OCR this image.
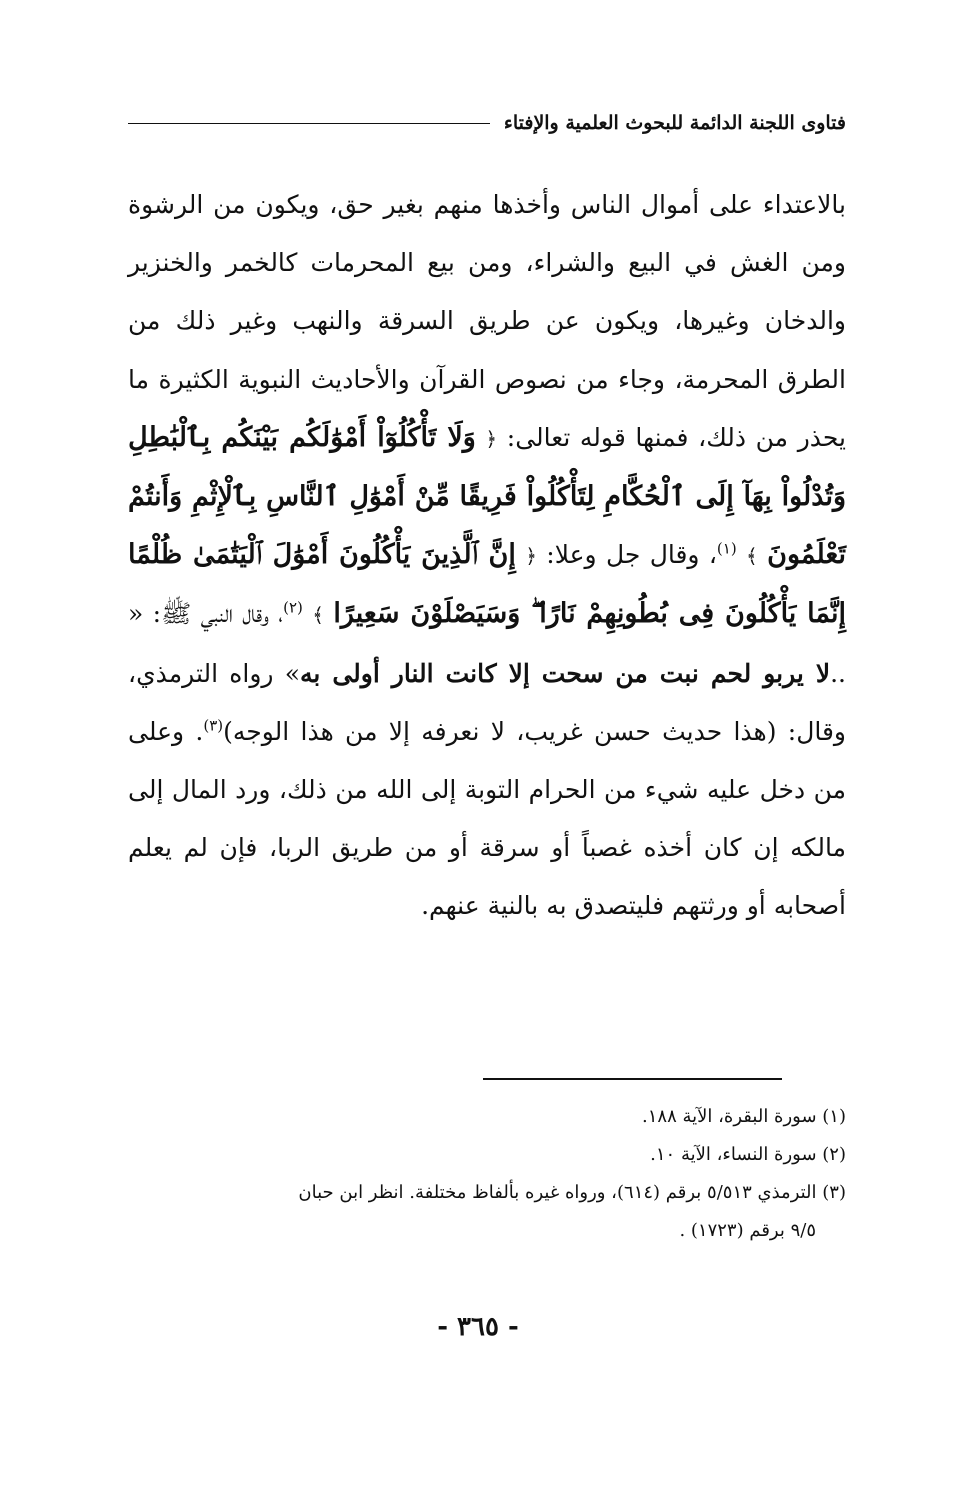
فتاوى اللجنة الدائمة للبحوث العلمية والإفتاء
بالاعتداء على أموال الناس وأخذها منهم بغير حق، ويكون من الرشوة ومن الغش في البيع والشراء، ومن بيع المحرمات كالخمر والخنزير والدخان وغيرها، ويكون عن طريق السرقة والنهب وغير ذلك من الطرق المحرمة، وجاء من نصوص القرآن والأحاديث النبوية الكثيرة ما يحذر من ذلك، فمنها قوله تعالى: ﴿ وَلَا تَأْكُلُوٓاْ أَمْوَٰلَكُم بَيْنَكُم بِٱلْبَٰطِلِ وَتُدْلُواْ بِهَآ إِلَى ٱلْحُكَّامِ لِتَأْكُلُواْ فَرِيقًا مِّنْ أَمْوَٰلِ ٱلنَّاسِ بِٱلْإِثْمِ وَأَنتُمْ تَعْلَمُونَ ﴾ $^{(١)}$، وقال جل وعلا: ﴿ إِنَّ ٱلَّذِينَ يَأْكُلُونَ أَمْوَٰلَ ٱلْيَتَٰمَىٰ ظُلْمًا إِنَّمَا يَأْكُلُونَ فِى بُطُونِهِمْ نَارًا ۖ وَسَيَصْلَوْنَ سَعِيرًا ﴾ $^{(٢)}$، وقال النبي ﷺ: « ..لا يربو لحم نبت من سحت إلا كانت النار أولى به» رواه الترمذي، وقال: (هذا حديث حسن غريب، لا نعرفه إلا من هذا الوجه)$^{(٣)}$. وعلى من دخل عليه شيء من الحرام التوبة إلى الله من ذلك، ورد المال إلى مالكه إن كان أخذه غصباً أو سرقة أو من طريق الربا، فإن لم يعلم أصحابه أو ورثتهم فليتصدق به بالنية عنهم.

(١) سورة البقرة، الآية ١٨٨.

(٢) سورة النساء، الآية ١٠.

(٣) الترمذي ٥/٥١٣ برقم (٦١٤)، ورواه غيره بألفاظ مختلفة. انظر ابن حبان

٩/٥ برقم (١٧٢٣) .

- ٣٦٥ -
